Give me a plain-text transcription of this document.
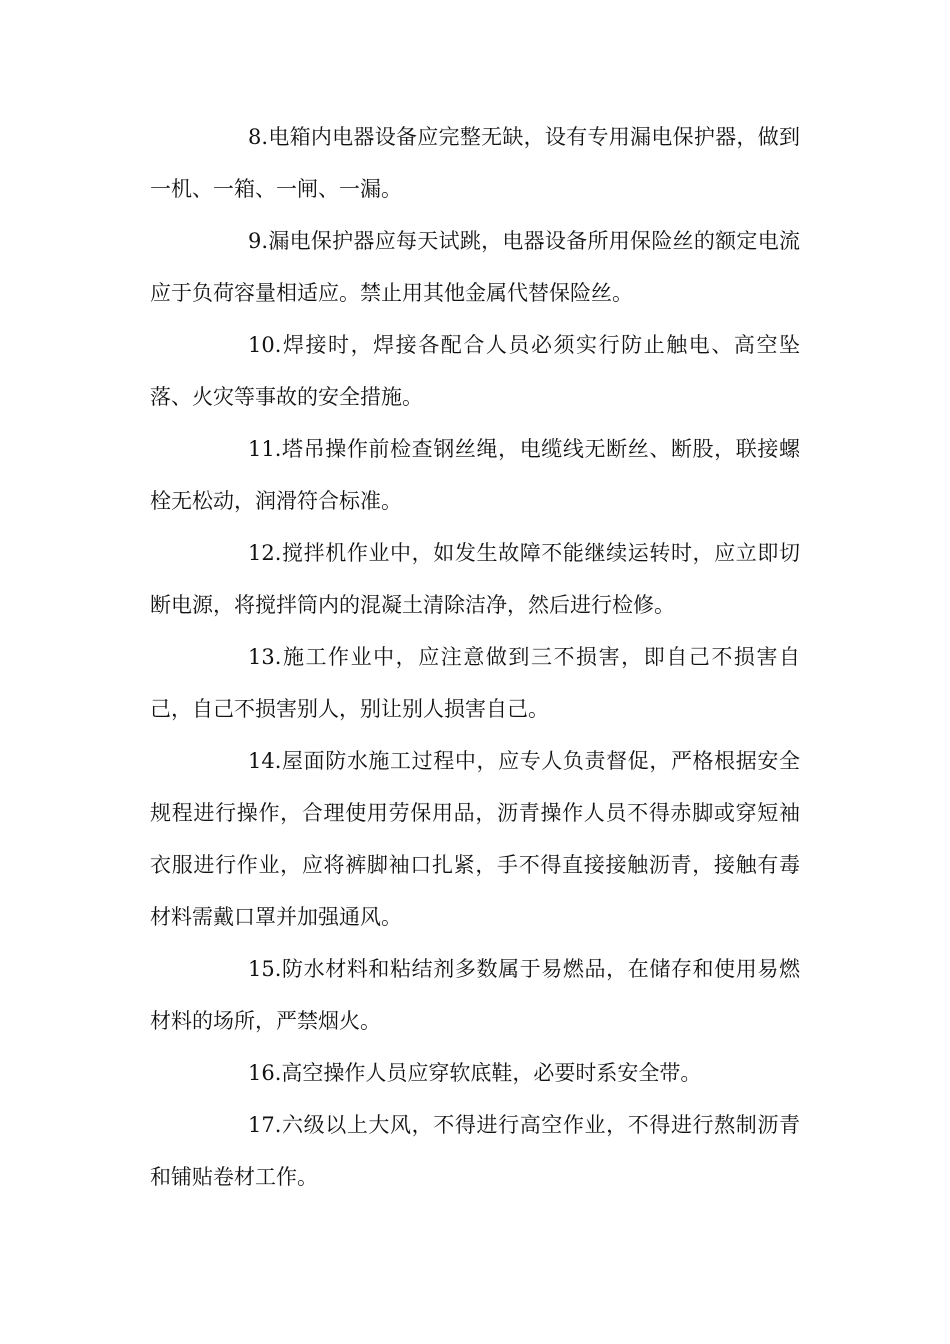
8.电箱内电器设备应完整无缺，设有专用漏电保护器，做到一机、一箱、一闸、一漏。

9.漏电保护器应每天试跳，电器设备所用保险丝的额定电流应于负荷容量相适应。禁止用其他金属代替保险丝。

10.焊接时，焊接各配合人员必须实行防止触电、高空坠落、火灾等事故的安全措施。

11.塔吊操作前检查钢丝绳，电缆线无断丝、断股，联接螺栓无松动，润滑符合标准。

12.搅拌机作业中，如发生故障不能继续运转时，应立即切断电源，将搅拌筒内的混凝土清除洁净，然后进行检修。

13.施工作业中，应注意做到三不损害，即自己不损害自己，自己不损害别人，别让别人损害自己。

14.屋面防水施工过程中，应专人负责督促，严格根据安全规程进行操作，合理使用劳保用品，沥青操作人员不得赤脚或穿短袖衣服进行作业，应将裤脚袖口扎紧，手不得直接接触沥青，接触有毒材料需戴口罩并加强通风。

15.防水材料和粘结剂多数属于易燃品，在储存和使用易燃材料的场所，严禁烟火。

16.高空操作人员应穿软底鞋，必要时系安全带。

17.六级以上大风，不得进行高空作业，不得进行熬制沥青和铺贴卷材工作。
